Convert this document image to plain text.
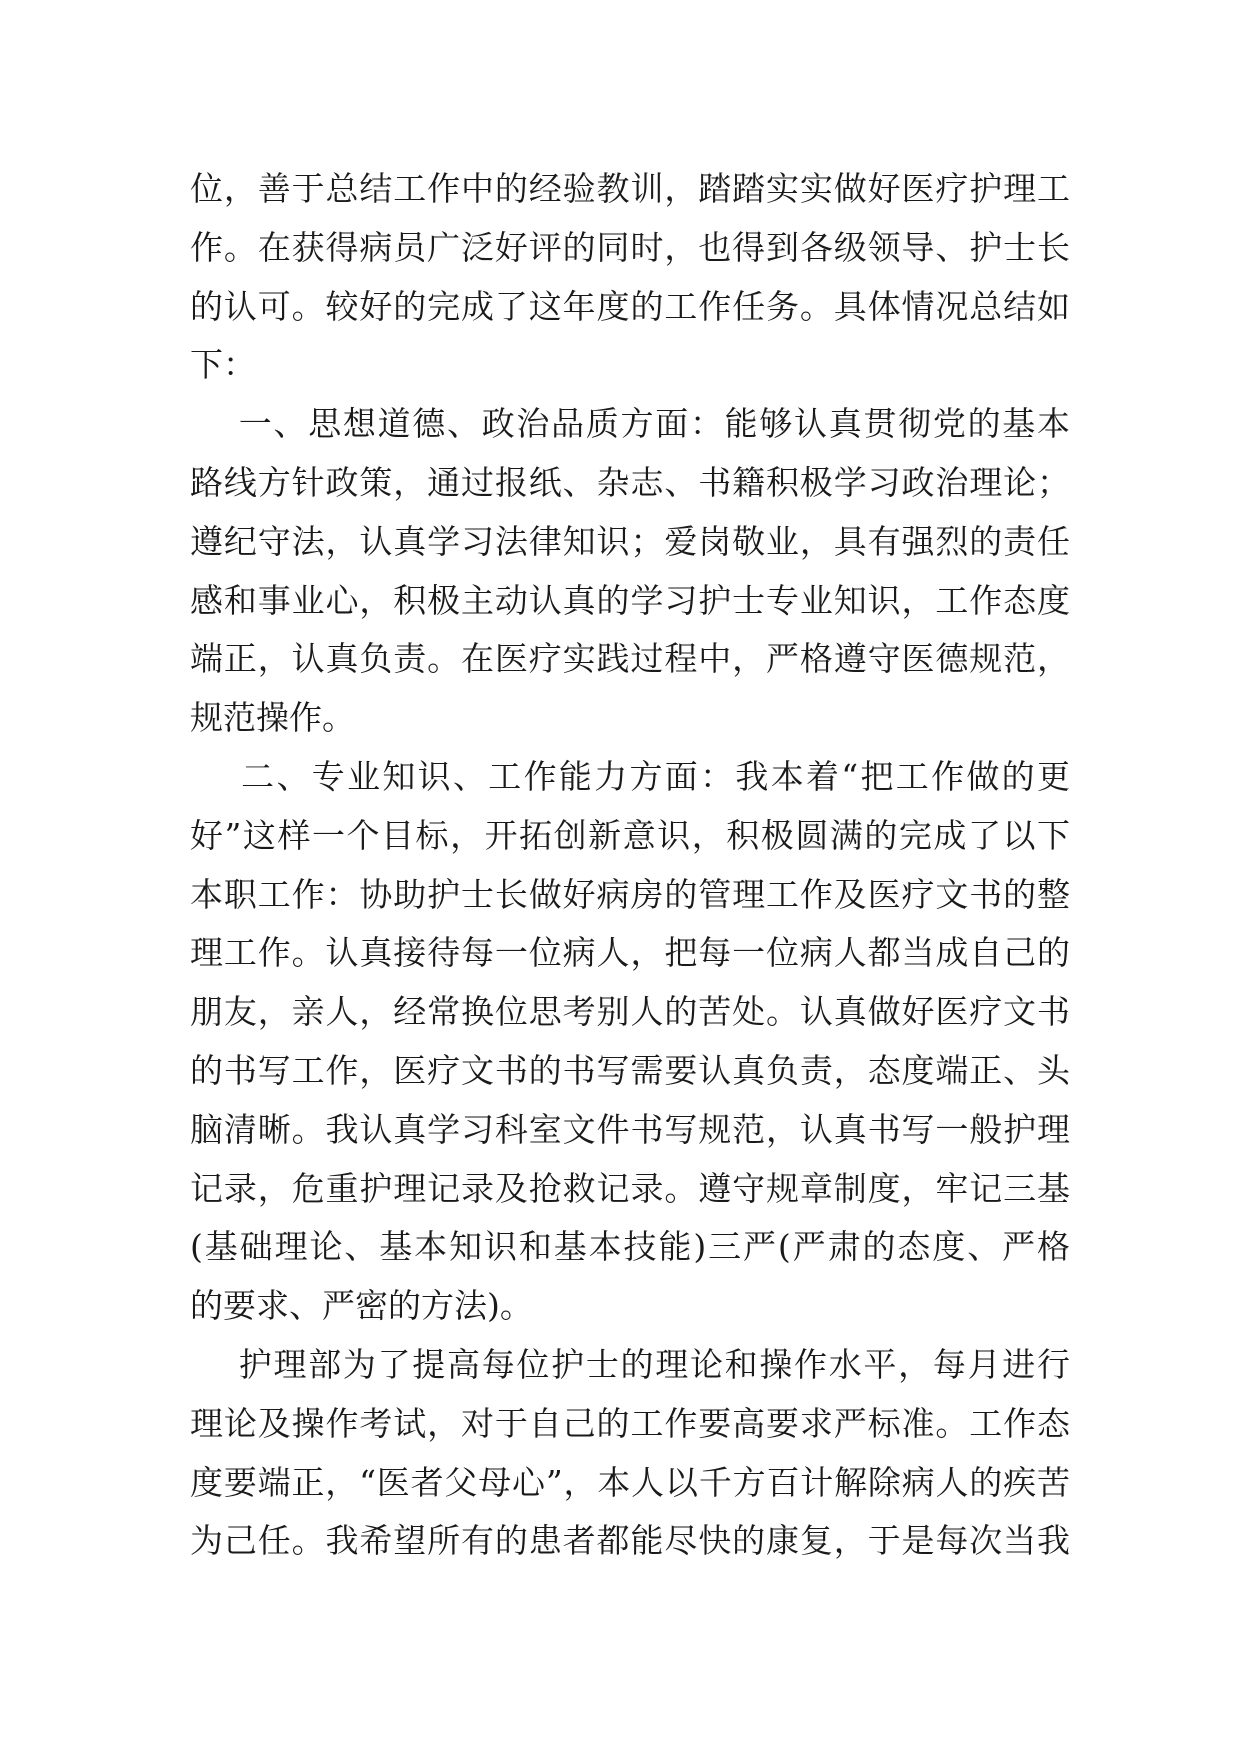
位，善于总结工作中的经验教训，踏踏实实做好医疗护理工
作。在获得病员广泛好评的同时，也得到各级领导、护士长
的认可。较好的完成了这年度的工作任务。具体情况总结如
下：
一、思想道德、政治品质方面：能够认真贯彻党的基本
路线方针政策，通过报纸、杂志、书籍积极学习政治理论；
遵纪守法，认真学习法律知识；爱岗敬业，具有强烈的责任
感和事业心，积极主动认真的学习护士专业知识，工作态度
端正，认真负责。在医疗实践过程中，严格遵守医德规范，
规范操作。
二、专业知识、工作能力方面：我本着“把工作做的更
好”这样一个目标，开拓创新意识，积极圆满的完成了以下
本职工作：协助护士长做好病房的管理工作及医疗文书的整
理工作。认真接待每一位病人，把每一位病人都当成自己的
朋友，亲人，经常换位思考别人的苦处。认真做好医疗文书
的书写工作，医疗文书的书写需要认真负责，态度端正、头
脑清晰。我认真学习科室文件书写规范，认真书写一般护理
记录，危重护理记录及抢救记录。遵守规章制度，牢记三基
(基础理论、基本知识和基本技能)三严(严肃的态度、严格
的要求、严密的方法)。
护理部为了提高每位护士的理论和操作水平，每月进行
理论及操作考试，对于自己的工作要高要求严标准。工作态
度要端正，“医者父母心”，本人以千方百计解除病人的疾苦
为己任。我希望所有的患者都能尽快的康复，于是每次当我
